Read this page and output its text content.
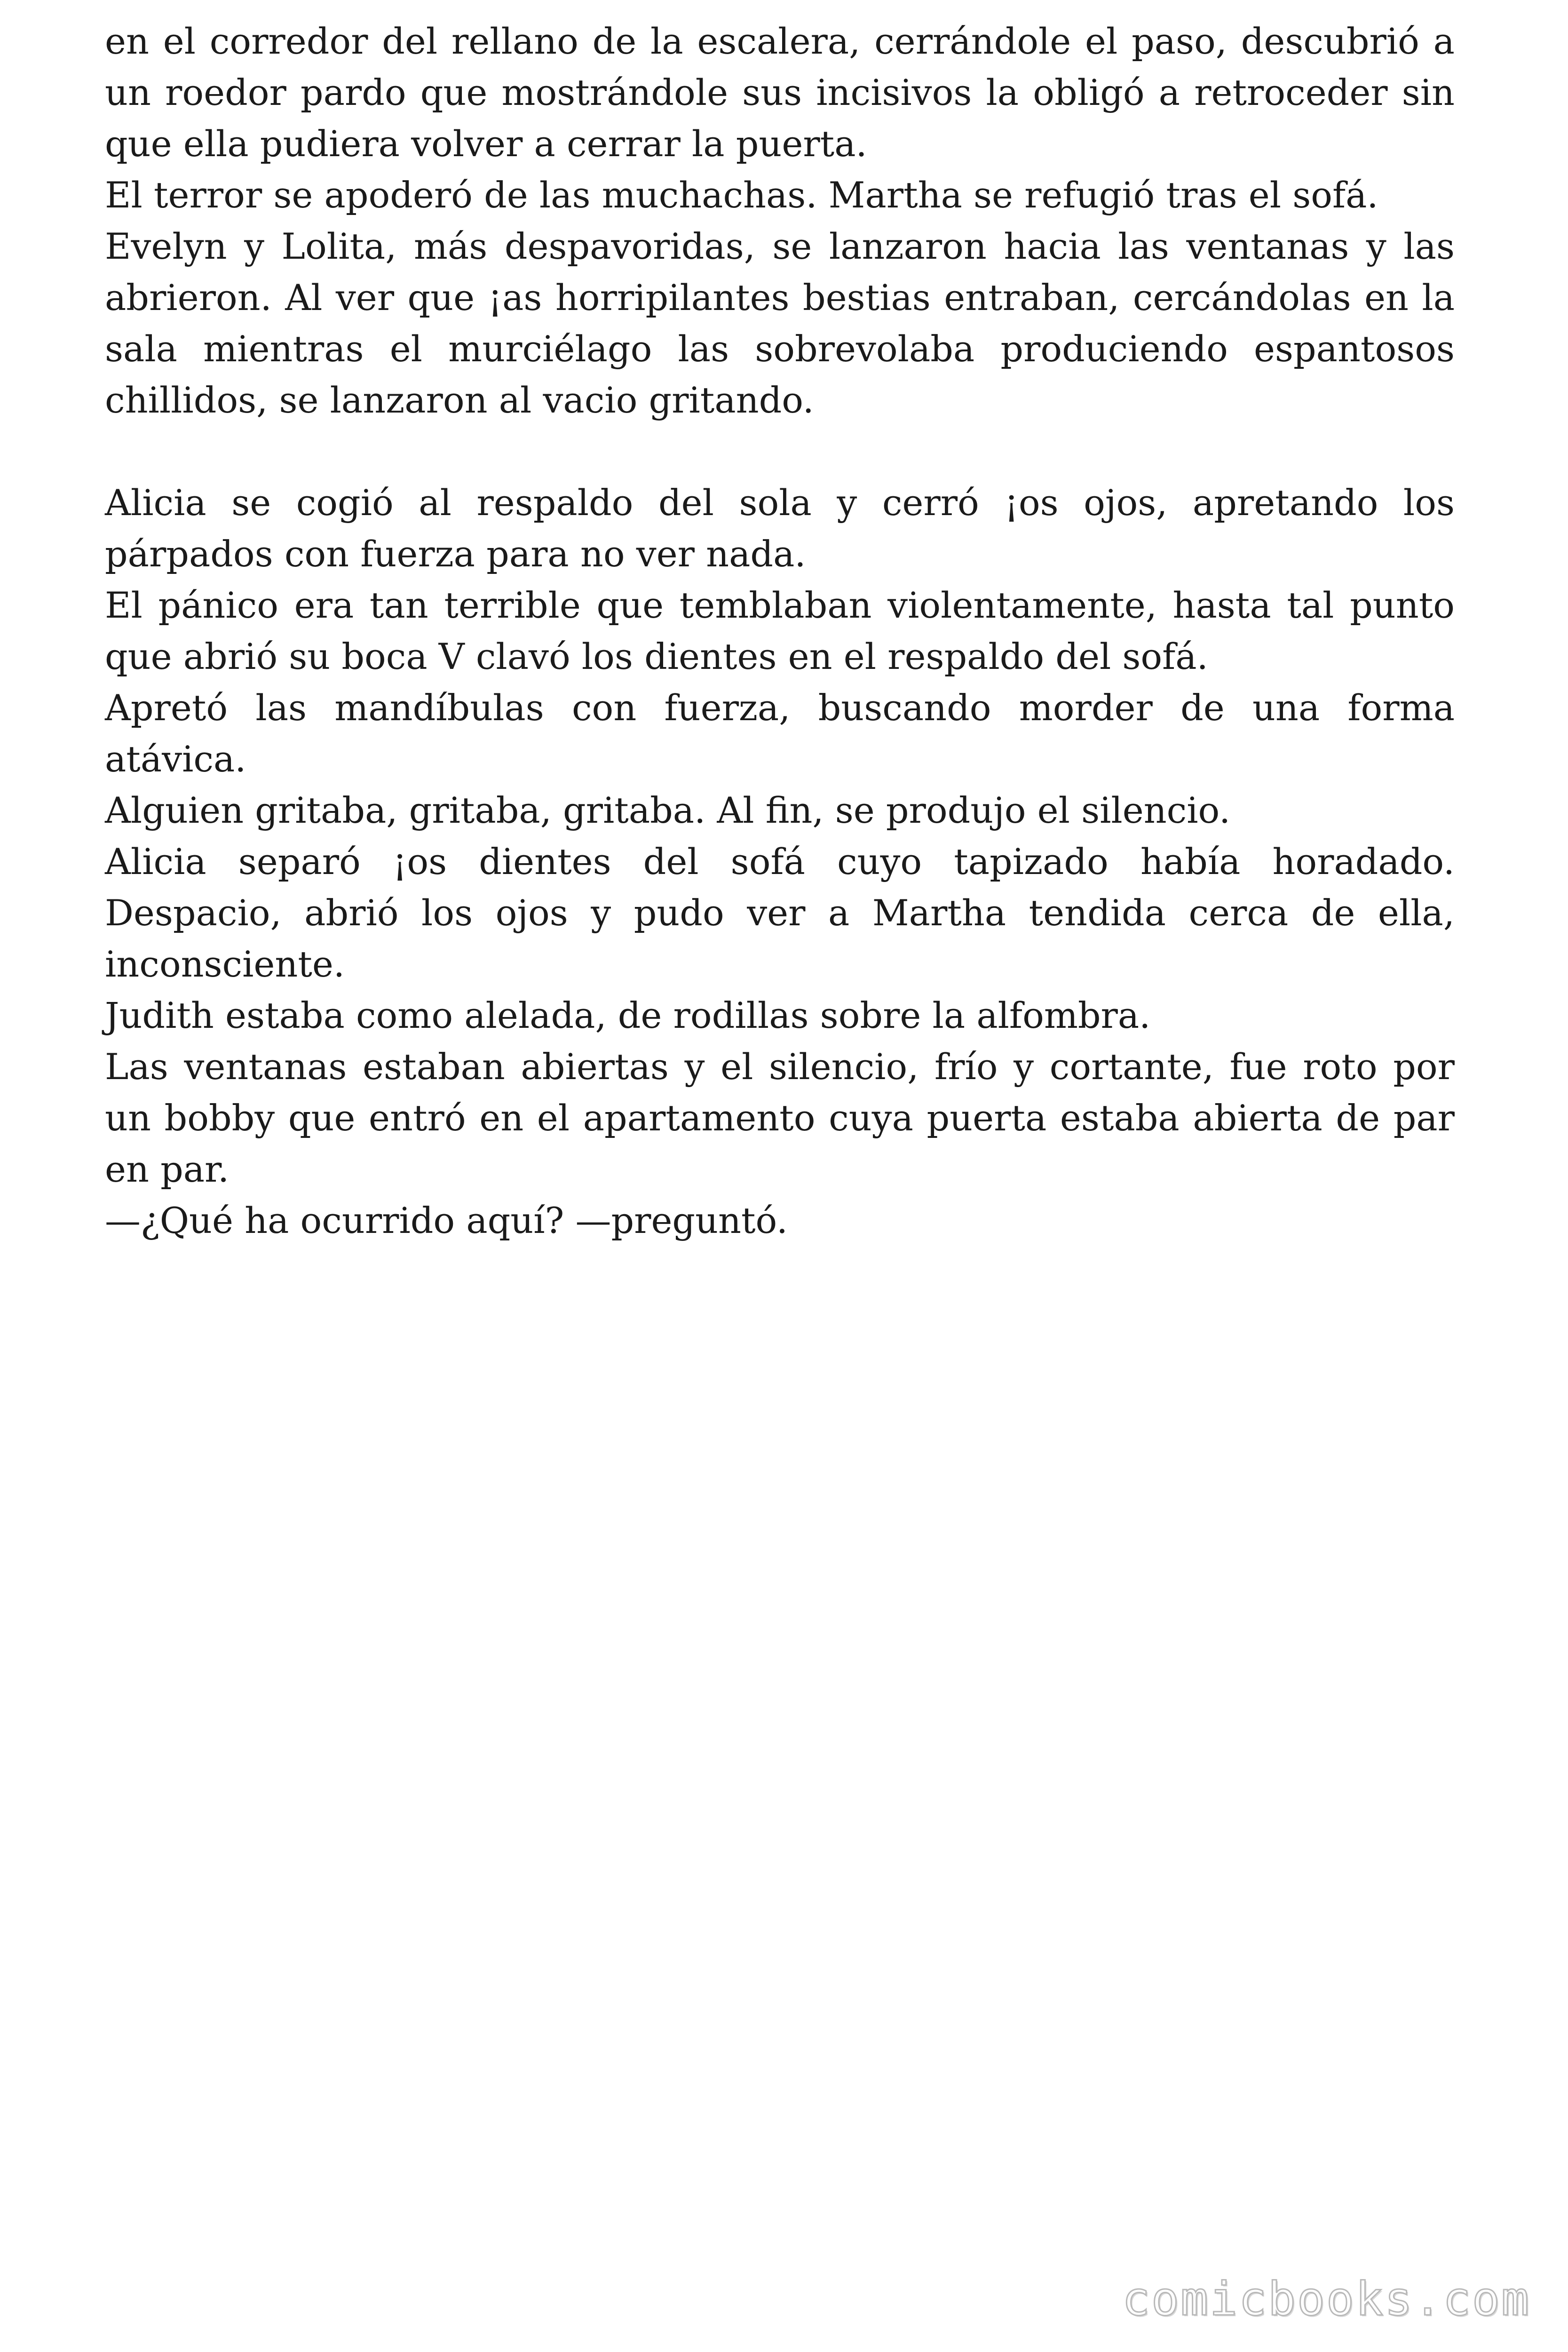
en el corredor del rellano de la escalera, cerrándole el paso, descubrió a un roedor pardo que mostrándole sus incisivos la obligó a retroceder sin que ella pudiera volver a cerrar la puerta.

El terror se apoderó de las muchachas. Martha se refugió tras el sofá.

Evelyn y Lolita, más despavoridas, se lanzaron hacia las ventanas y las abrieron. Al ver que ¡as horripilantes bestias entraban, cercándolas en la sala mientras el murciélago las sobrevolaba produciendo espantosos chillidos, se lanzaron al vacio gritando.

Alicia se cogió al respaldo del sola y cerró ¡os ojos, apretando los párpados con fuerza para no ver nada.

El pánico era tan terrible que temblaban violentamente, hasta tal punto que abrió su boca V clavó los dientes en el respaldo del sofá.

Apretó las mandíbulas con fuerza, buscando morder de una forma atávica.

Alguien gritaba, gritaba, gritaba. Al fin, se produjo el silencio.

Alicia separó ¡os dientes del sofá cuyo tapizado había horadado. Despacio, abrió los ojos y pudo ver a Martha tendida cerca de ella, inconsciente.

Judith estaba como alelada, de rodillas sobre la alfombra.

Las ventanas estaban abiertas y el silencio, frío y cortante, fue roto por un bobby que entró en el apartamento cuya puerta estaba abierta de par en par.

—¿Qué ha ocurrido aquí? —preguntó.

comicbooks.com
